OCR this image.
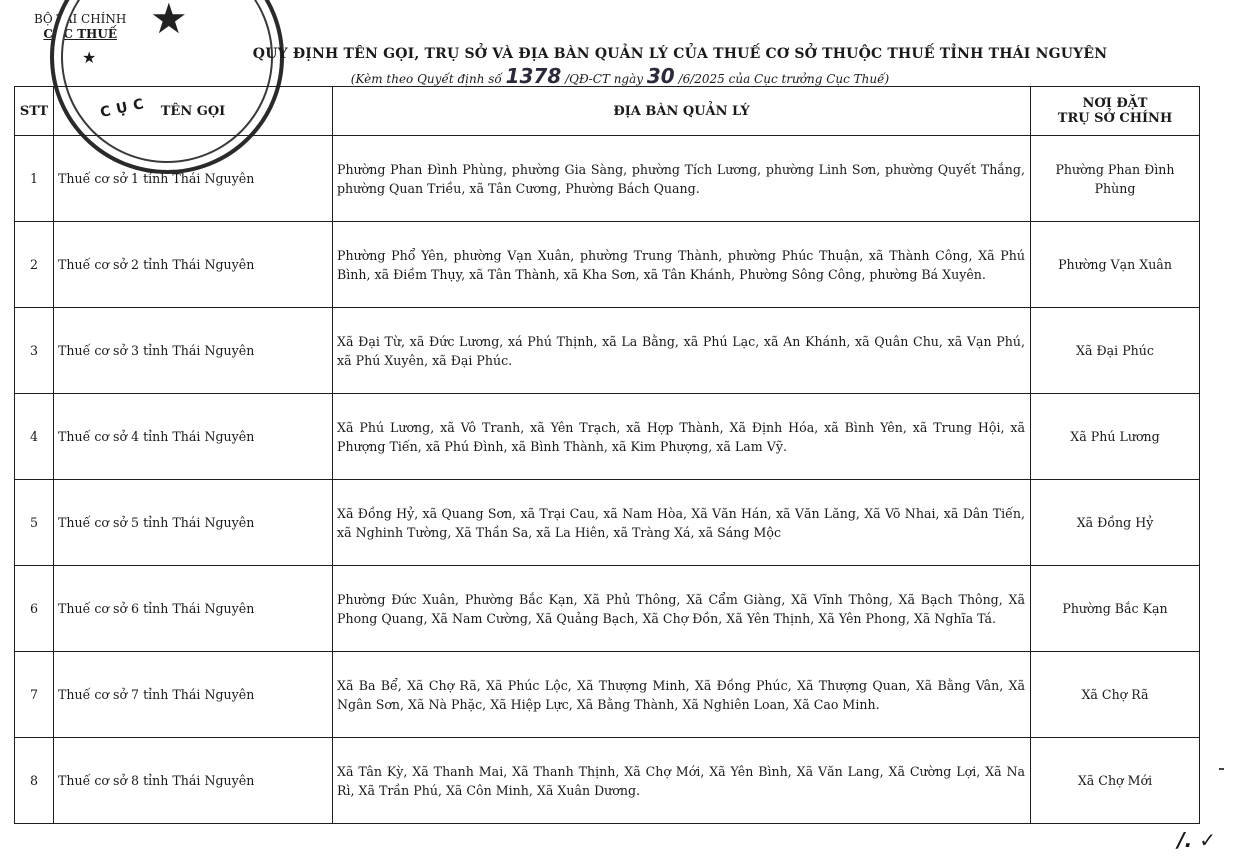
BỘ TÀI CHÍNH
CỤC THUẾ ★
★
CỤC
QUY ĐỊNH TÊN GỌI, TRỤ SỞ VÀ ĐỊA BÀN QUẢN LÝ CỦA THUẾ CƠ SỞ THUỘC THUẾ TỈNH THÁI NGUYÊN
(Kèm theo Quyết định số 1378 /QĐ-CT ngày 30 /6/2025 của Cục trưởng Cục Thuế)
STT	TÊN GỌI	ĐỊA BÀN QUẢN LÝ	NƠI ĐẶT
TRỤ SỞ CHÍNH

1	Thuế cơ sở 1 tỉnh Thái Nguyên	Phường Phan Đình Phùng, phường Gia Sàng, phường Tích Lương, phường Linh Sơn, phường Quyết Thắng, phường Quan Triều, xã Tân Cương, Phường Bách Quang.	Phường Phan Đình Phùng
2	Thuế cơ sở 2 tỉnh Thái Nguyên	Phường Phổ Yên, phường Vạn Xuân, phường Trung Thành, phường Phúc Thuận, xã Thành Công, Xã Phú Bình, xã Điềm Thụy, xã Tân Thành, xã Kha Sơn, xã Tân Khánh, Phường Sông Công, phường Bá Xuyên.	Phường Vạn Xuân
3	Thuế cơ sở 3 tỉnh Thái Nguyên	Xã Đại Từ, xã Đức Lương, xá Phú Thịnh, xã La Bằng, xã Phú Lạc, xã An Khánh, xã Quân Chu, xã Vạn Phú, xã Phú Xuyên, xã Đại Phúc.	Xã Đại Phúc
4	Thuế cơ sở 4 tỉnh Thái Nguyên	Xã Phú Lương, xã Vô Tranh, xã Yên Trạch, xã Hợp Thành, Xã Định Hóa, xã Bình Yên, xã Trung Hội, xã Phượng Tiến, xã Phú Đình, xã Bình Thành, xã Kim Phượng, xã Lam Vỹ.	Xã Phú Lương
5	Thuế cơ sở 5 tỉnh Thái Nguyên	Xã Đồng Hỷ, xã Quang Sơn, xã Trại Cau, xã Nam Hòa, Xã Văn Hán, xã Văn Lăng, Xã Võ Nhai, xã Dân Tiến, xã Nghinh Tường, Xã Thần Sa, xã La Hiên, xã Tràng Xá, xã Sáng Mộc	Xã Đồng Hỷ
6	Thuế cơ sở 6 tỉnh Thái Nguyên	Phường Đức Xuân, Phường Bắc Kạn, Xã Phủ Thông, Xã Cẩm Giàng, Xã Vĩnh Thông, Xã Bạch Thông, Xã Phong Quang, Xã Nam Cường, Xã Quảng Bạch, Xã Chợ Đồn, Xã Yên Thịnh, Xã Yên Phong, Xã Nghĩa Tá.	Phường Bắc Kạn
7	Thuế cơ sở 7 tỉnh Thái Nguyên	Xã Ba Bể, Xã Chợ Rã, Xã Phúc Lộc, Xã Thượng Minh, Xã Đồng Phúc, Xã Thượng Quan, Xã Bằng Vân, Xã Ngân Sơn, Xã Nà Phặc, Xã Hiệp Lực, Xã Bằng Thành, Xã Nghiên Loan, Xã Cao Minh.	Xã Chợ Rã
8	Thuế cơ sở 8 tỉnh Thái Nguyên	Xã Tân Kỳ, Xã Thanh Mai, Xã Thanh Thịnh, Xã Chợ Mới, Xã Yên Bình, Xã Văn Lang, Xã Cường Lợi, Xã Na Rì, Xã Trần Phú, Xã Côn Minh, Xã Xuân Dương.	Xã Chợ Mới
/. ✓
